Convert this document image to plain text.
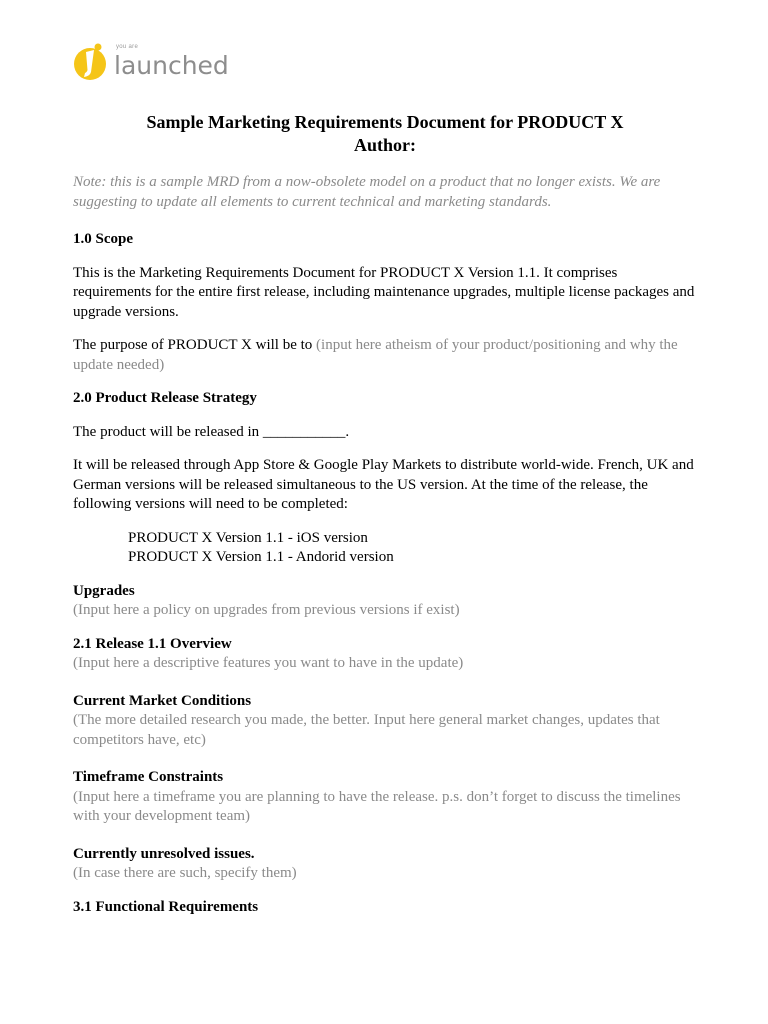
you are
launched
Sample Marketing Requirements Document for PRODUCT X
Author:

Note: this is a sample MRD from a now-obsolete model on a product that no longer exists. We are suggesting to update all elements to current technical and marketing standards.

1.0 Scope

This is the Marketing Requirements Document for PRODUCT X Version 1.1. It comprises requirements for the entire first release, including maintenance upgrades, multiple license packages and upgrade versions.

The purpose of PRODUCT X will be to (input here atheism of your product/positioning and why the update needed)

2.0 Product Release Strategy

The product will be released in ___________.

It will be released through App Store & Google Play Markets to distribute world-wide. French, UK and German versions will be released simultaneous to the US version. At the time of the release, the following versions will need to be completed:

PRODUCT X Version 1.1 - iOS version

PRODUCT X Version 1.1 - Andorid version

Upgrades

(Input here a policy on upgrades from previous versions if exist)

2.1 Release 1.1 Overview

(Input here a descriptive features you want to have in the update)

Current Market Conditions

(The more detailed research you made, the better. Input here general market changes, updates that competitors have, etc)

Timeframe Constraints

(Input here a timeframe you are planning to have the release. p.s. don’t forget to discuss the timelines with your development team)

Currently unresolved issues.

(In case there are such, specify them)

3.1 Functional Requirements
